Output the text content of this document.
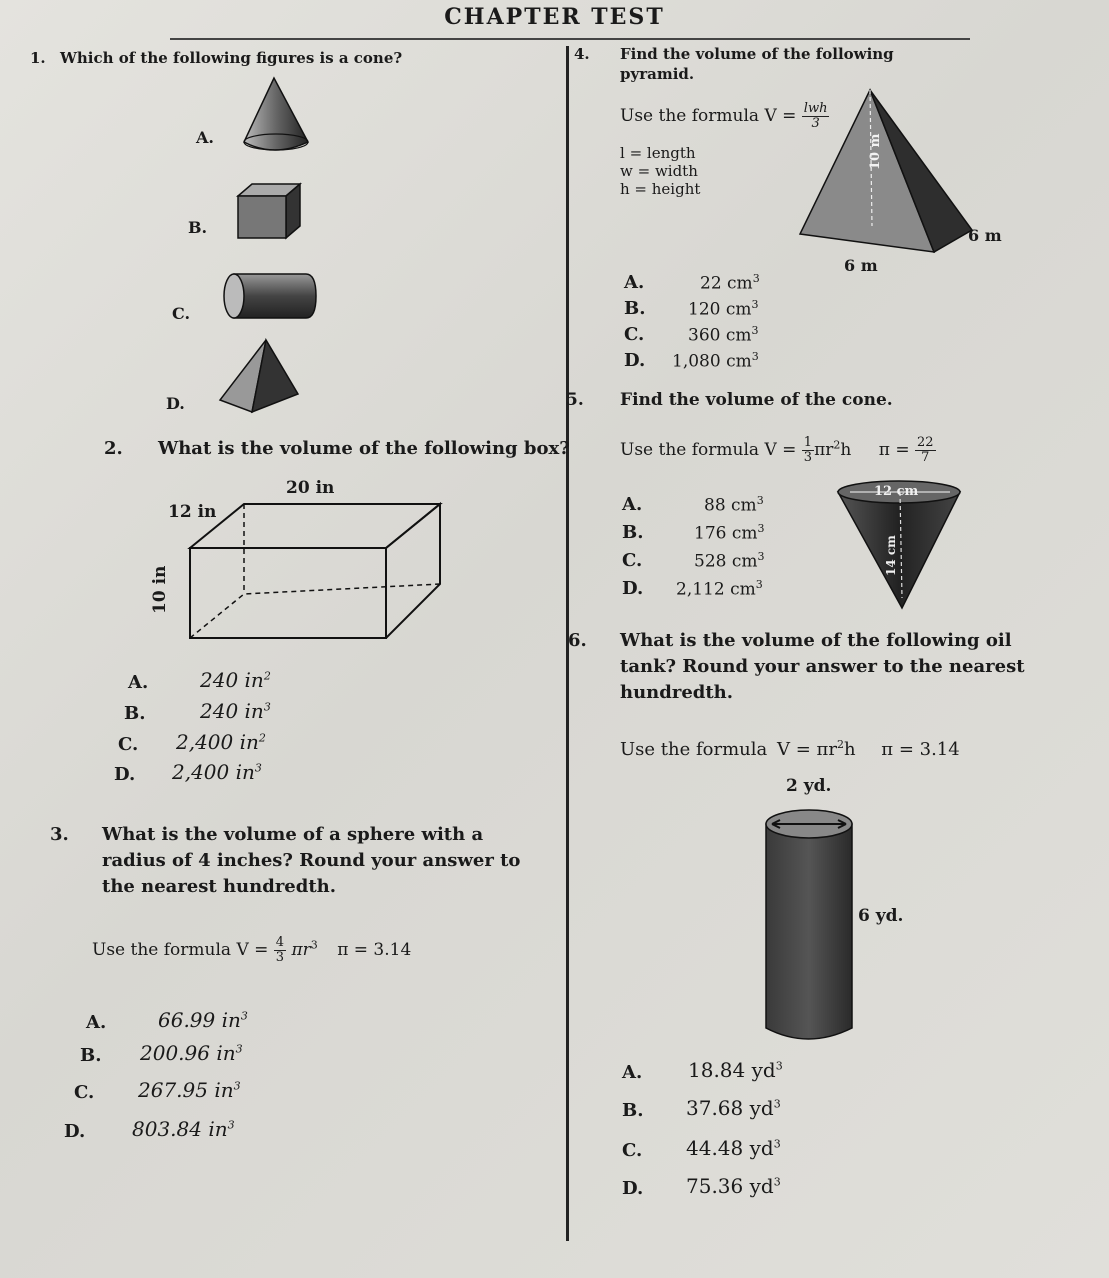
CHAPTER TEST
1. Which of the following figures is a cone?
A.
B.
C.
D.
2. What is the volume of the following box?
20 in
12 in
10 in
A.	240 $in^2$
B.	240 $in^3$
C. 2,400 $in^2$
D. 2,400 $in^3$
3. What is the volume of a sphere with a
radius of 4 inches? Round your answer to
the nearest hundredth.
Use the formula $V = \frac{4}{3} \pi r^3$ π = 3.14
A.	66.99 $in^3$
B. 200.96 $in^3$
C. 267.95 $in^3$
D. 803.84 $in^3$
4. Find the volume of the following
pyramid.
Use the formula $V = \frac{\text{lwh}}{3}$
l = length
w = width
h = height
10 m
6 m
6 m
A.	22 $cm^3$
B.	120 $cm^3$
C.	360 $cm^3$
D. 1,080 $cm^3$
5. Find the volume of the cone.
Use the formula $V = \frac{1}{3} \pi r^2h$ $\pi = \frac{22}{7}$
12 cm
14 cm
A.	88 $cm^3$
B.	176 $cm^3$
C.	528 $cm^3$
D. 2,112 $cm^3$
6. What is the volume of the following oil
tank? Round your answer to the nearest
hundredth.
Use the formula $V = \pi r^2h$ π = 3.14
2 yd.
6 yd.
A. 18.84 $yd^3$
B. 37.68 $yd^3$
C. 44.48 $yd^3$
D. 75.36 $yd^3$
